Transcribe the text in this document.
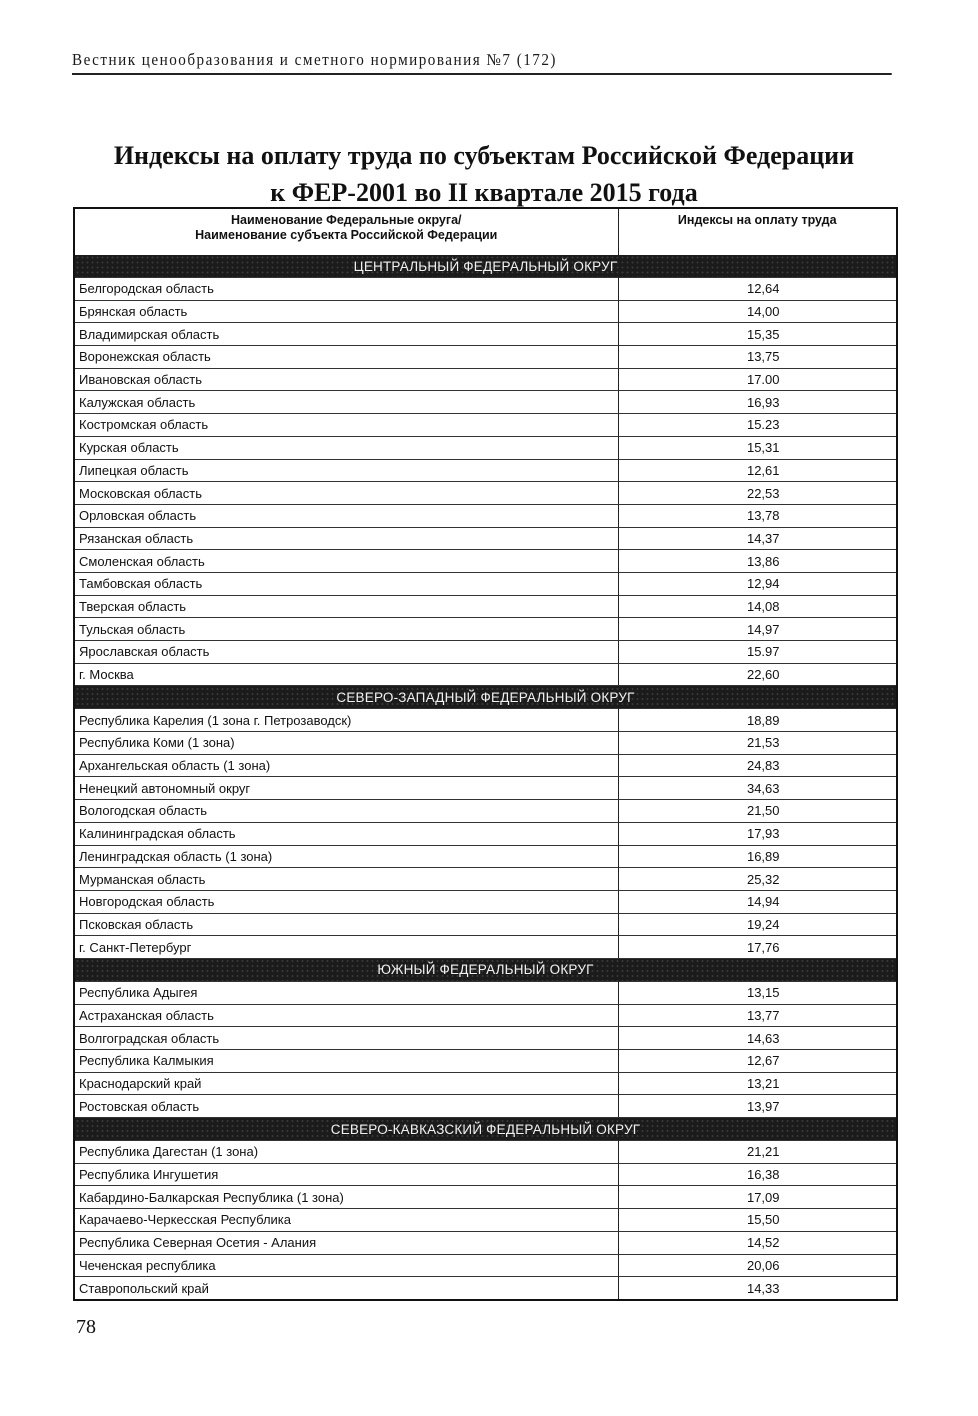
Вестник ценообразования и сметного нормирования №7 (172)
Индексы на оплату труда по субъектам Российской Федерации
к ФЕР-2001 во II квартале 2015 года
Наименование Федеральные округа/
Наименование субъекта Российской Федерации	Индексы на оплату труда
ЦЕНТРАЛЬНЫЙ ФЕДЕРАЛЬНЫЙ ОКРУГ	
Белгородская область	12,64
Брянская область	14,00
Владимирская область	15,35
Воронежская область	13,75
Ивановская область	17.00
Калужская область	16,93
Костромская область	15.23
Курская область	15,31
Липецкая область	12,61
Московская область	22,53
Орловская область	13,78
Рязанская область	14,37
Смоленская область	13,86
Тамбовская область	12,94
Тверская область	14,08
Тульская область	14,97
Ярославская область	15.97
г. Москва	22,60
СЕВЕРО-ЗАПАДНЫЙ ФЕДЕРАЛЬНЫЙ ОКРУГ	
Республика Карелия (1 зона г. Петрозаводск)	18,89
Республика Коми (1 зона)	21,53
Архангельская область (1 зона)	24,83
Ненецкий автономный округ	34,63
Вологодская область	21,50
Калининградская область	17,93
Ленинградская область (1 зона)	16,89
Мурманская область	25,32
Новгородская область	14,94
Псковская область	19,24
г. Санкт-Петербург	17,76
ЮЖНЫЙ ФЕДЕРАЛЬНЫЙ ОКРУГ	
Республика Адыгея	13,15
Астраханская область	13,77
Волгоградская область	14,63
Республика Калмыкия	12,67
Краснодарский край	13,21
Ростовская область	13,97
СЕВЕРО-КАВКАЗСКИЙ ФЕДЕРАЛЬНЫЙ ОКРУГ	
Республика Дагестан (1 зона)	21,21
Республика Ингушетия	16,38
Кабардино-Балкарская Республика (1 зона)	17,09
Карачаево-Черкесская Республика	15,50
Республика Северная Осетия - Алания	14,52
Чеченская республика	20,06
Ставропольский край	14,33
78
